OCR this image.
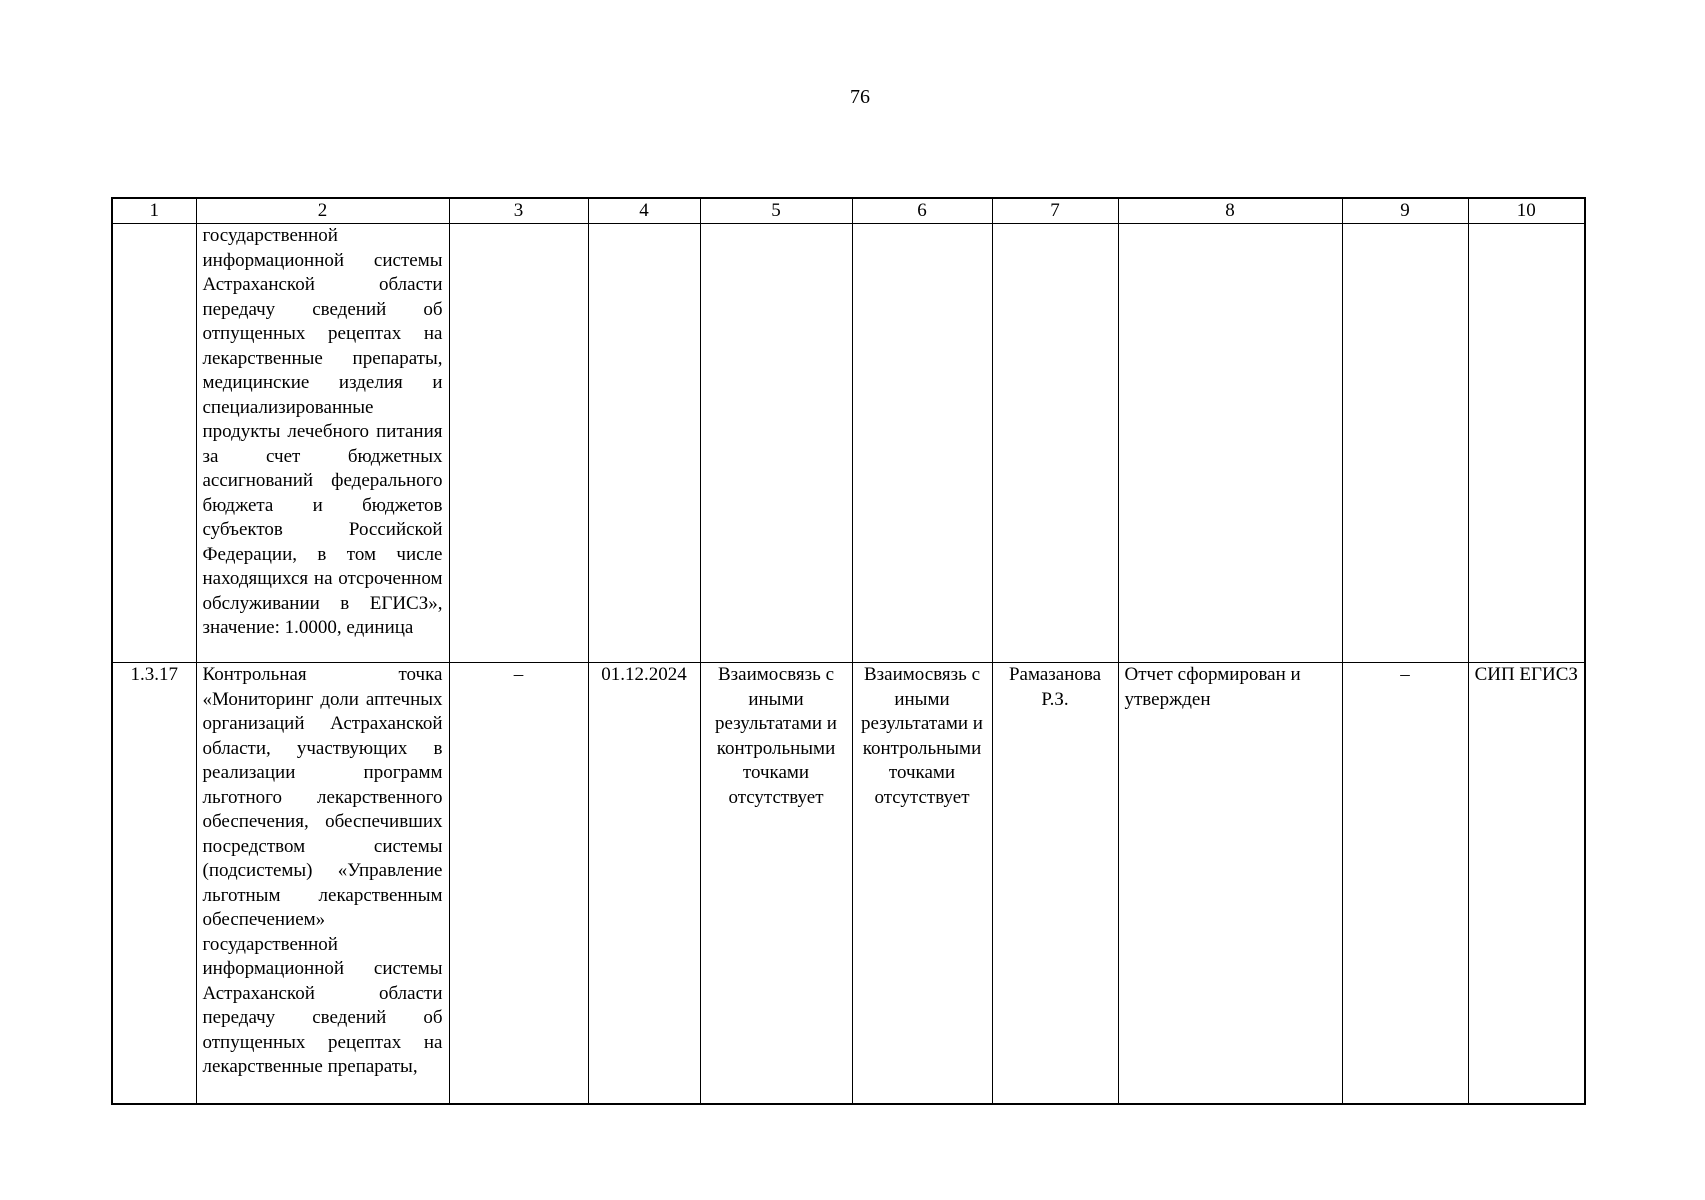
76
1	2	3	4	5	6	7	8	9	10
	государственной информационной системы Астраханской области передачу сведений об отпущенных рецептах на лекарственные препараты, медицинские изделия и специализированные продукты лечебного питания за счет бюджетных ассигнований федерального бюджета и бюджетов субъектов Российской Федерации, в том числе находящихся на отсроченном обслуживании в ЕГИСЗ», значение: 1.0000, единица								
1.3.17	Контрольная точка «Мониторинг доли аптечных организаций Астраханской области, участвующих в реализации программ льготного лекарственного обеспечения, обеспечивших посредством системы (подсистемы) «Управление льготным лекарственным обеспечением» государственной информационной системы Астраханской области передачу сведений об отпущенных рецептах на лекарственные препараты,	–	01.12.2024	Взаимосвязь с иными результатами и контрольными точками отсутствует	Взаимосвязь с иными результатами и контрольными точками отсутствует	Рамазанова Р.З.	Отчет сформирован и утвержден	–	СИП ЕГИСЗ
